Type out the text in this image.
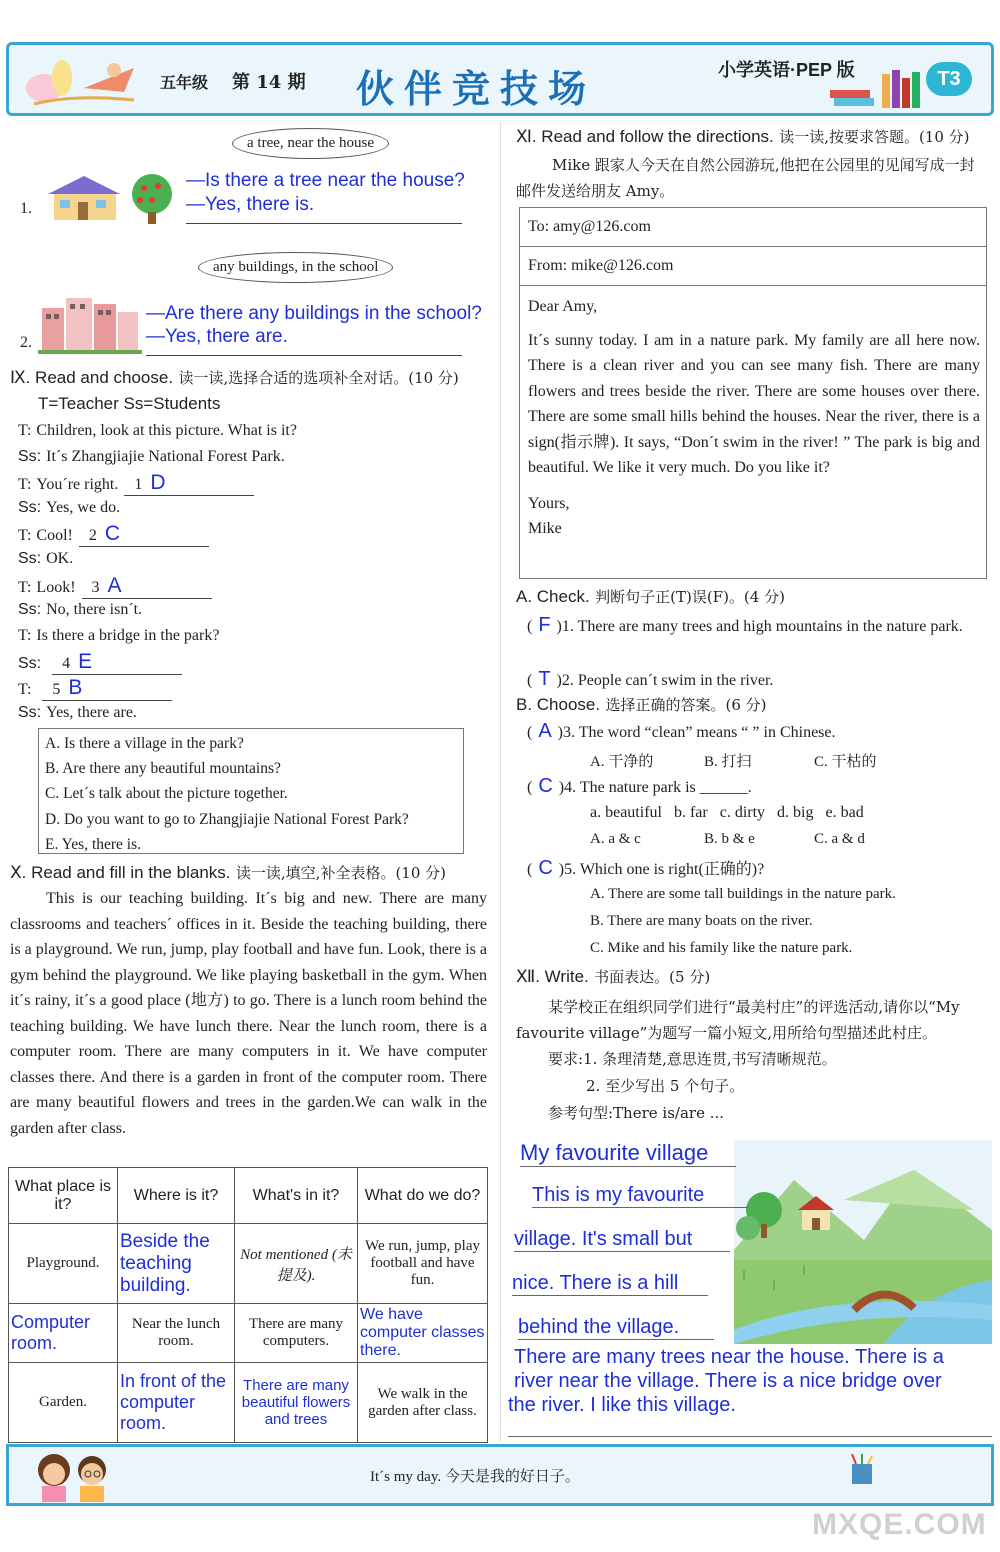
五年级 第 14 期 伙伴竞技场	小学英语·PEP 版	T3
a tree, near the house
1.
—Is there a tree near the house?
—Yes, there is.
any buildings, in the school
2.
—Are there any buildings in the school?
—Yes, there are.
Ⅸ. Read and choose. 读一读,选择合适的选项补全对话。(10 分)
T=Teacher Ss=Students
T: Children, look at this picture. What is it?
Ss: It´s Zhangjiajie National Forest Park.
T: You´re right. 1 D
Ss: Yes, we do.
T: Cool! 2 C
Ss: OK.
T: Look! 3 A
Ss: No, there isn´t.
T: Is there a bridge in the park?
Ss: 4 E
T: 5 B
Ss: Yes, there are.
A. Is there a village in the park?
B. Are there any beautiful mountains?
C. Let´s talk about the picture together.
D. Do you want to go to Zhangjiajie National Forest Park?
E. Yes, there is.
Ⅹ. Read and fill in the blanks. 读一读,填空,补全表格。(10 分)
This is our teaching building. It´s big and new. There are many classrooms and teachers´ offices in it. Beside the teaching building, there is a playground. We run, jump, play football and have fun. Look, there is a gym behind the playground. We like playing basketball in the gym. When it´s rainy, it´s a good place (地方) to go. There is a lunch room behind the teaching building. We have lunch there. Near the lunch room, there is a computer room. There are many computers in it. We have computer classes there. And there is a garden in front of the computer room. There are many beautiful flowers and trees in the garden.We can walk in the garden after class.
What place is it?	Where is it?	What's in it?	What do we do?
Playground.	Beside the teaching building.	Not mentioned (未提及).	We run, jump, play football and have fun.
Computer room.	Near the lunch room.	There are many computers.	We have computer classes there.
Garden.	In front of the computer room.	There are many beautiful flowers and trees	We walk in the garden after class.
Ⅺ. Read and follow the directions. 读一读,按要求答题。(10 分)
Mike 跟家人今天在自然公园游玩,他把在公园里的见闻写成一封邮件发送给朋友 Amy。
To: amy@126.com
From: mike@126.com
Dear Amy,
It´s sunny today. I am in a nature park. My family are all here now. There is a clean river and you can see many fish. There are many flowers and trees beside the river. There are some houses over there. There are some small hills behind the houses. Near the river, there is a sign(指示牌). It says, “Don´t swim in the river! ” The park is big and beautiful. We like it very much. Do you like it?
Yours,
Mike
A. Check. 判断句子正(T)误(F)。(4 分)
( F )1. There are many trees and high mountains in the nature park.
( T )2. People can´t swim in the river.
B. Choose. 选择正确的答案。(6 分)
( A )3. The word “clean” means “ ” in Chinese.
A. 干净的	B. 打扫	C. 干枯的
( C )4. The nature park is ______.
a. beautiful   b. far   c. dirty   d. big   e. bad
A. a & c	B. b & e	C. a & d
( C )5. Which one is right(正确的)?
A. There are some tall buildings in the nature park.
B. There are many boats on the river.
C. Mike and his family like the nature park.
Ⅻ. Write. 书面表达。(5 分)
某学校正在组织同学们进行“最美村庄”的评选活动,请你以“My favourite village”为题写一篇小短文,用所给句型描述此村庄。
要求:1. 条理清楚,意思连贯,书写清晰规范。
2. 至少写出 5 个句子。
参考句型:There is/are ...
My favourite village
This is my favourite
village. It's small but
nice. There is a hill
behind the village.
There are many trees near the house. There is a
river near the village. There is a nice bridge over
the river. I like this village.
It´s my day. 今天是我的好日子。
MXQE.COM
